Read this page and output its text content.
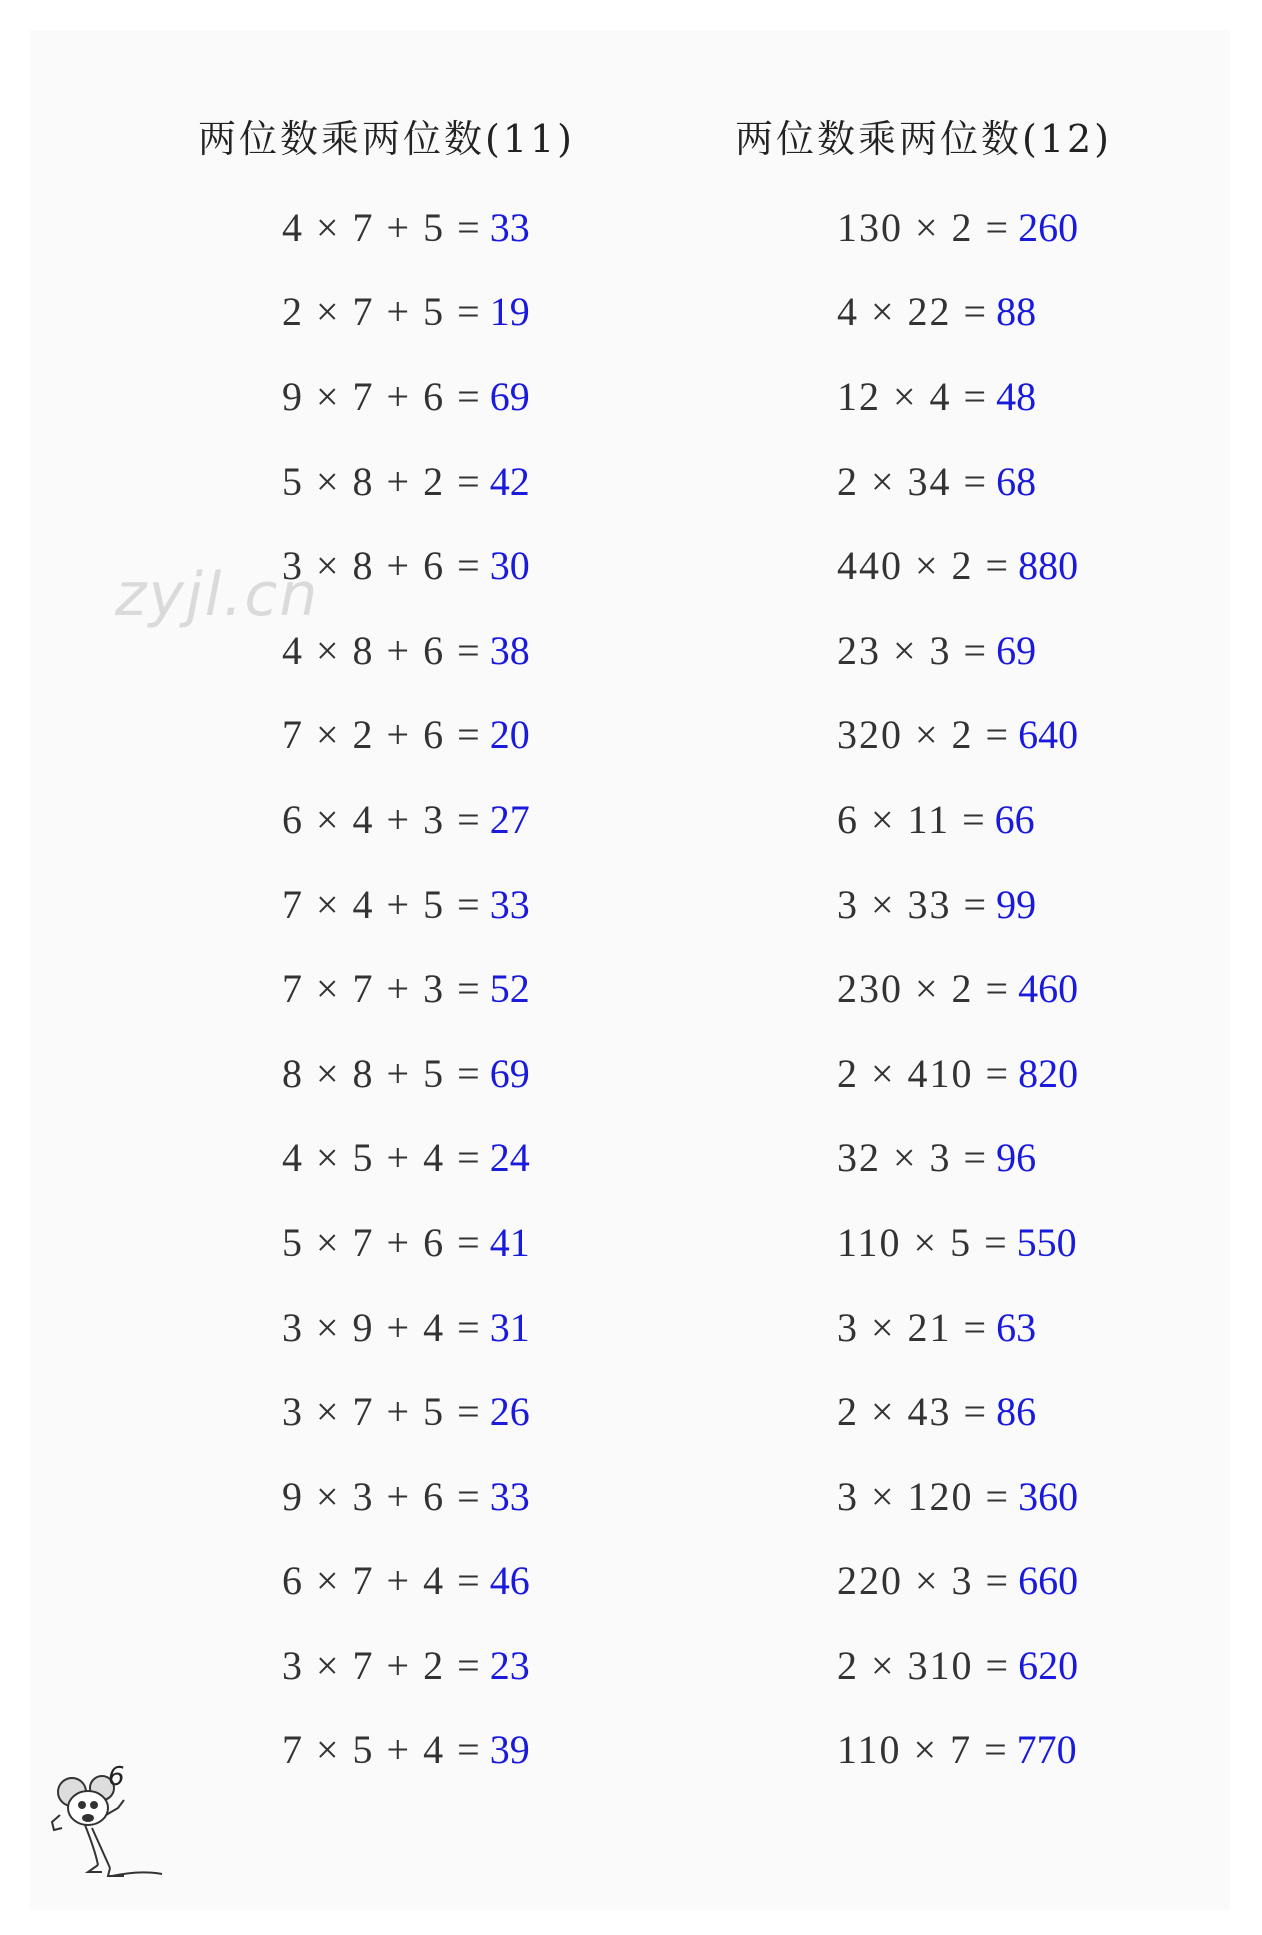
两位数乘两位数(11)	两位数乘两位数(12)
4 × 7 + 5 = 33
2 × 7 + 5 = 19
9 × 7 + 6 = 69
5 × 8 + 2 = 42
3 × 8 + 6 = 30
4 × 8 + 6 = 38
7 × 2 + 6 = 20
6 × 4 + 3 = 27
7 × 4 + 5 = 33
7 × 7 + 3 = 52
8 × 8 + 5 = 69
4 × 5 + 4 = 24
5 × 7 + 6 = 41
3 × 9 + 4 = 31
3 × 7 + 5 = 26
9 × 3 + 6 = 33
6 × 7 + 4 = 46
3 × 7 + 2 = 23
7 × 5 + 4 = 39
130 × 2 = 260
4 × 22 = 88
12 × 4 = 48
2 × 34 = 68
440 × 2 = 880
23 × 3 = 69
320 × 2 = 640
6 × 11 = 66
3 × 33 = 99
230 × 2 = 460
2 × 410 = 820
32 × 3 = 96
110 × 5 = 550
3 × 21 = 63
2 × 43 = 86
3 × 120 = 360
220 × 3 = 660
2 × 310 = 620
110 × 7 = 770
zyjl.cn
6
